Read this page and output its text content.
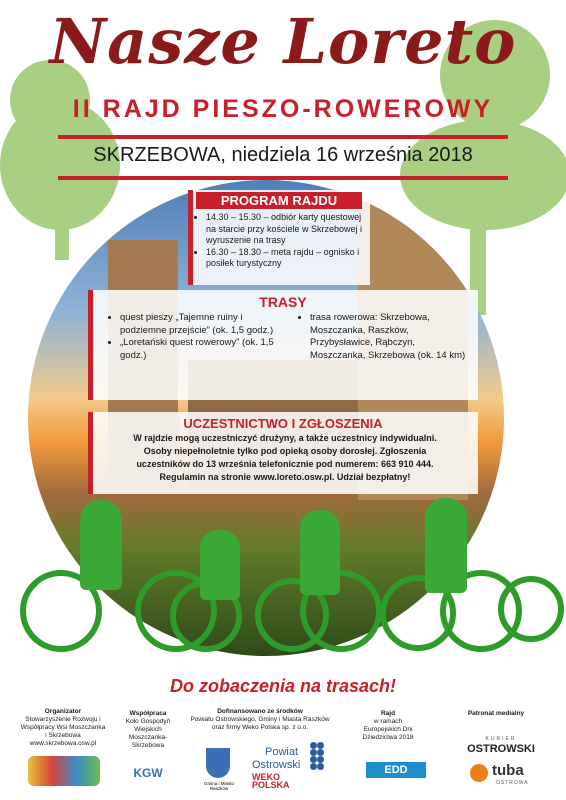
Nasze Loreto
II RAJD PIESZO-ROWEROWY
SKRZEBOWA, niedziela 16 września 2018
PROGRAM RAJDU
• 14.30 – 15.30 – odbiór karty questowej na starcie przy kościele w Skrzebowej i wyruszenie na trasy
• 16.30 – 18.30 – meta rajdu – ognisko i posiłek turystyczny
TRASY
• quest pieszy „Tajemne ruiny i podziemne przejście” (ok. 1,5 godz.)
• „Loretański quest rowerowy” (ok. 1,5 godz.)
• trasa rowerowa: Skrzebowa, Moszczanka, Raszków, Przybysławice, Rąbczyn, Moszczanka, Skrzebowa (ok. 14 km)
UCZESTNICTWO I ZGŁOSZENIA
W rajdzie mogą uczestniczyć drużyny, a także uczestnicy indywidualni.
Osoby niepełnoletnie tylko pod opieką osoby dorosłej. Zgłoszenia
uczestników do 13 września telefonicznie pod numerem: 663 910 444.
Regulamin na stronie www.loreto.osw.pl. Udział bezpłatny!
Do zobaczenia na trasach!
Organizator
Stowarzyszenie Rozwoju i Współpracy Wsi Moszczanka i Skrzebowa www.skrzebowa.osw.pl
Współpraca
Koło Gospodyń Wiejskich Moszczanka-Skrzebowa
KGW
Dofinansowano ze środków
Powiatu Ostrowskiego, Gminy i Miasta Raszków oraz firmy Weko Polska sp. z o.o.
Gmina i Miasto Raszków
Powiat
Ostrowski
WEKO
POLSKA
Rajd
w ramach Europejskich Dni Dziedzictwa 2018
EDD
Patronat medialny
KURIER
OSTROWSKI
tuba
OSTROWA
